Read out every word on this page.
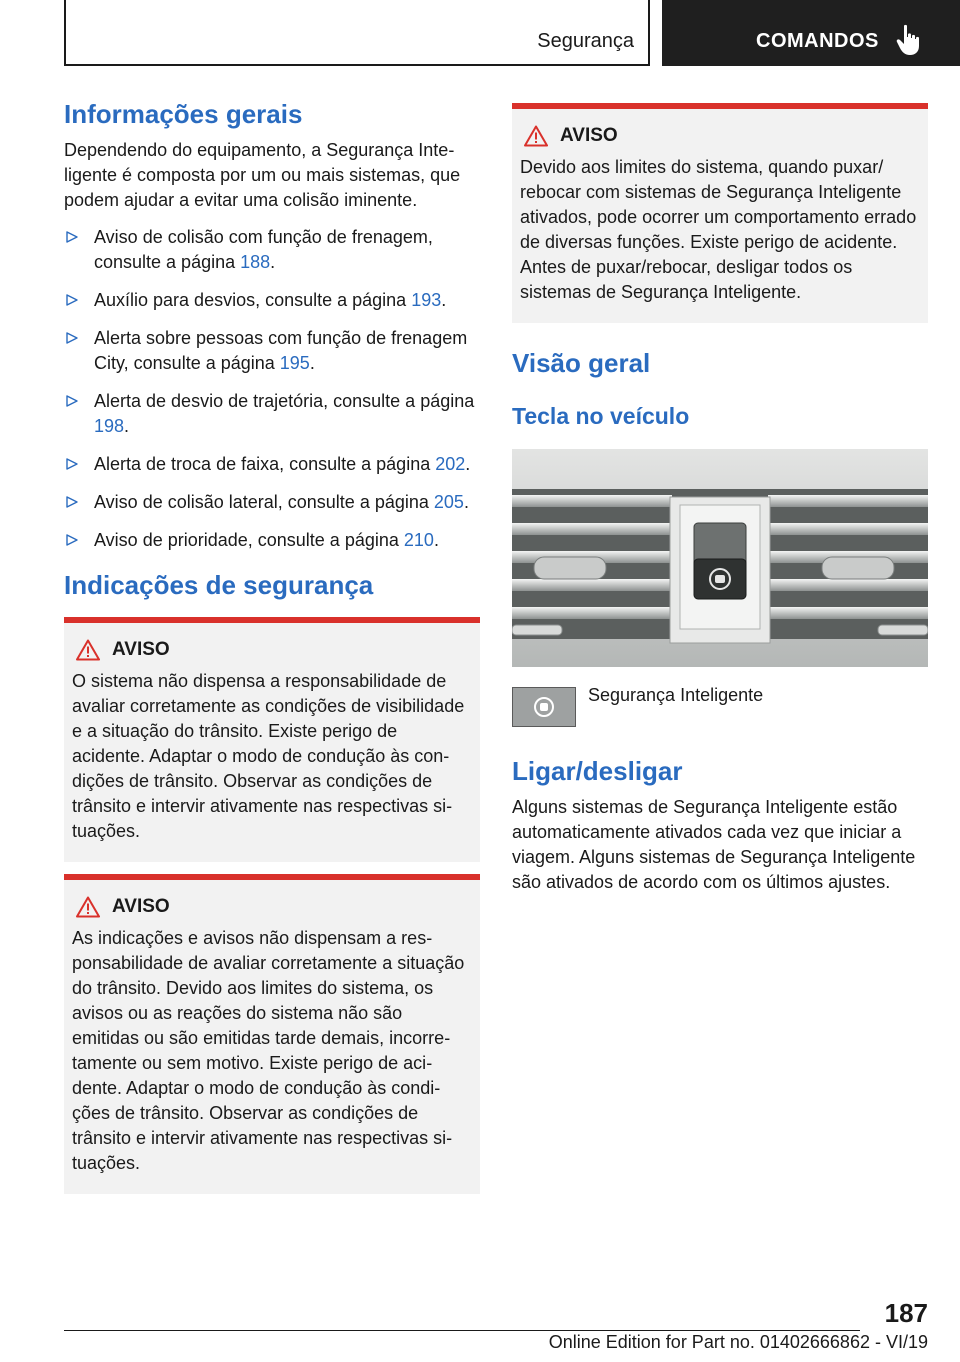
Segurança	COMANDOS
Informações gerais

Dependendo do equipamento, a Segurança Inteligente é composta por um ou mais sistemas, que podem ajudar a evitar uma colisão iminente.

Aviso de colisão com função de frenagem, consulte a página 188.
Auxílio para desvios, consulte a página 193.
Alerta sobre pessoas com função de frenagem City, consulte a página 195.
Alerta de desvio de trajetória, consulte a página 198.
Alerta de troca de faixa, consulte a página 202.
Aviso de colisão lateral, consulte a página 205.
Aviso de prioridade, consulte a página 210.
Indicações de segurança
AVISO

O sistema não dispensa a responsabilidade de avaliar corretamente as condições de visibilidade e a situação do trânsito. Existe perigo de acidente. Adaptar o modo de condução às condições de trânsito. Observar as condições de trânsito e intervir ativamente nas respectivas situações.

AVISO

As indicações e avisos não dispensam a responsabilidade de avaliar corretamente a situação do trânsito. Devido aos limites do sistema, os avisos ou as reações do sistema não são emitidas ou são emitidas tarde demais, incorretamente ou sem motivo. Existe perigo de acidente. Adaptar o modo de condução às condições de trânsito. Observar as condições de trânsito e intervir ativamente nas respectivas situações.

AVISO

Devido aos limites do sistema, quando puxar/ rebocar com sistemas de Segurança Inteligente ativados, pode ocorrer um comportamento errado de diversas funções. Existe perigo de acidente. Antes de puxar/rebocar, desligar todos os sistemas de Segurança Inteligente.

Visão geral
Tecla no veículo

Segurança Inteligente

Ligar/desligar

Alguns sistemas de Segurança Inteligente estão automaticamente ativados cada vez que iniciar a viagem. Alguns sistemas de Segurança Inteligente são ativados de acordo com os últimos ajustes.

187
Online Edition for Part no. 01402666862 - VI/19
